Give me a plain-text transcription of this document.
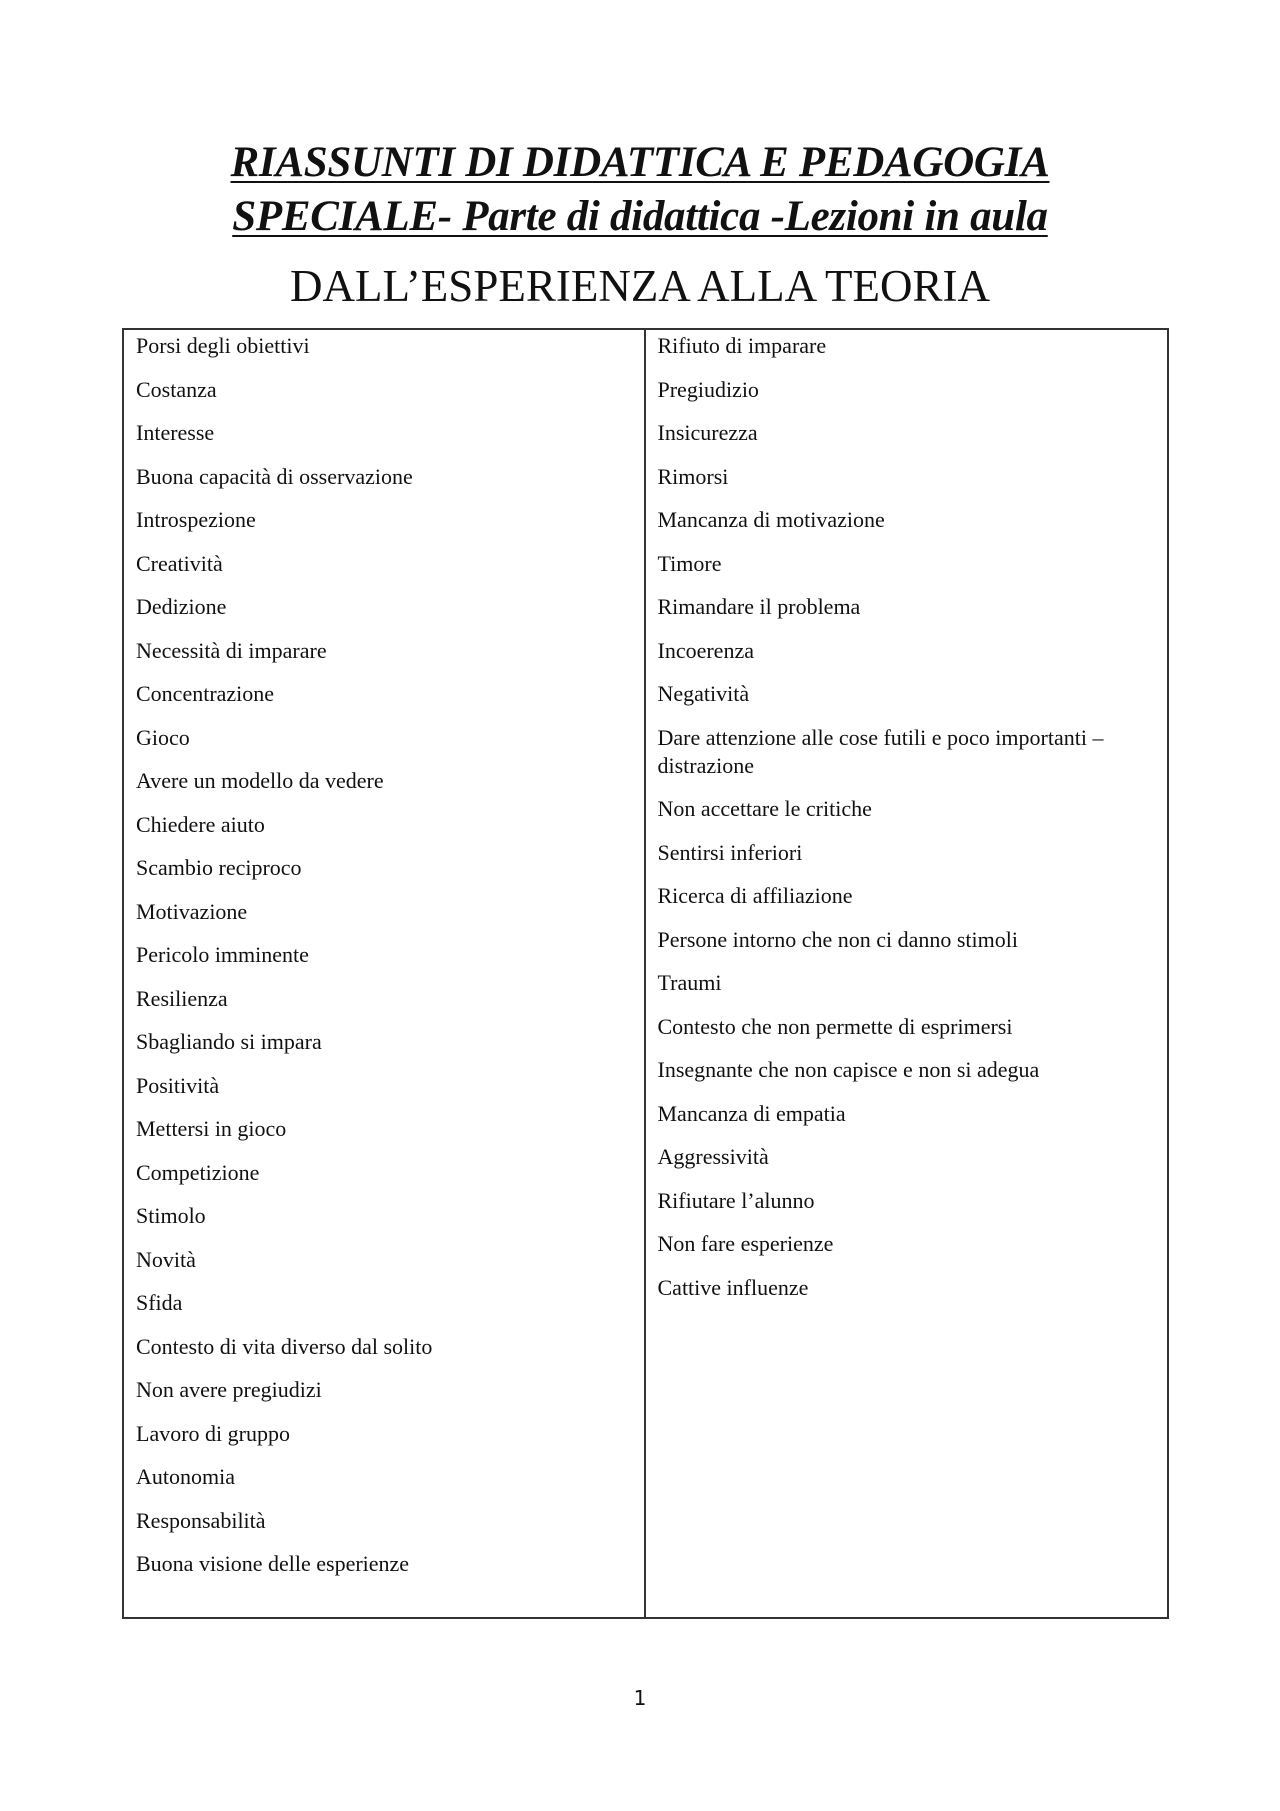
RIASSUNTI DI DIDATTICA E PEDAGOGIA
SPECIALE- Parte di didattica -Lezioni in aula
DALL’ESPERIENZA ALLA TEORIA
Porsi degli obiettivi
Costanza
Interesse
Buona capacità di osservazione
Introspezione
Creatività
Dedizione
Necessità di imparare
Concentrazione
Gioco
Avere un modello da vedere
Chiedere aiuto
Scambio reciproco
Motivazione
Pericolo imminente
Resilienza
Sbagliando si impara
Positività
Mettersi in gioco
Competizione
Stimolo
Novità
Sfida
Contesto di vita diverso dal solito
Non avere pregiudizi
Lavoro di gruppo
Autonomia
Responsabilità
Buona visione delle esperienze
Rifiuto di imparare
Pregiudizio
Insicurezza
Rimorsi
Mancanza di motivazione
Timore
Rimandare il problema
Incoerenza
Negatività
Dare attenzione alle cose futili e poco importanti – distrazione
Non accettare le critiche
Sentirsi inferiori
Ricerca di affiliazione
Persone intorno che non ci danno stimoli
Traumi
Contesto che non permette di esprimersi
Insegnante che non capisce e non si adegua
Mancanza di empatia
Aggressività
Rifiutare l’alunno
Non fare esperienze
Cattive influenze
1
